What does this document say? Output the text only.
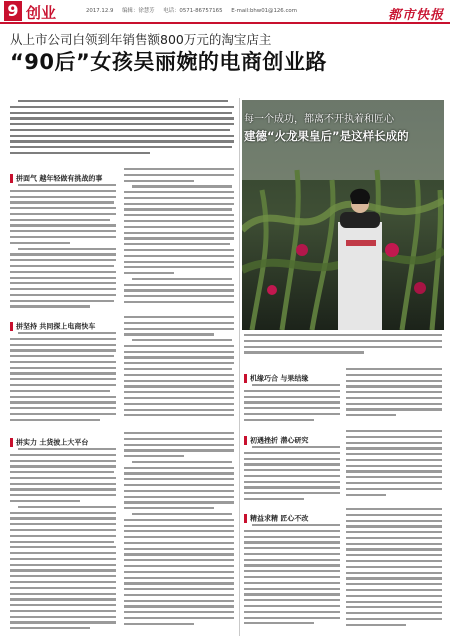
9 创业	2017.12.9 编辑：徐慧芳 电话：0571-86757165 E-mail:bhw01@126.com	都市快报
从上市公司白领到年销售额800万元的淘宝店主
“90后”女孩吴丽婉的电商创业路
拼面气 越年轻做有挑战的事
拼坚持 共同探上电商快车
拼实力 土货披上大平台
每一个成功，都离不开执着和匠心
建德“火龙果皇后”是这样长成的
机缘巧合 与果结缘
初遇挫折 潜心研究
精益求精 匠心不改
